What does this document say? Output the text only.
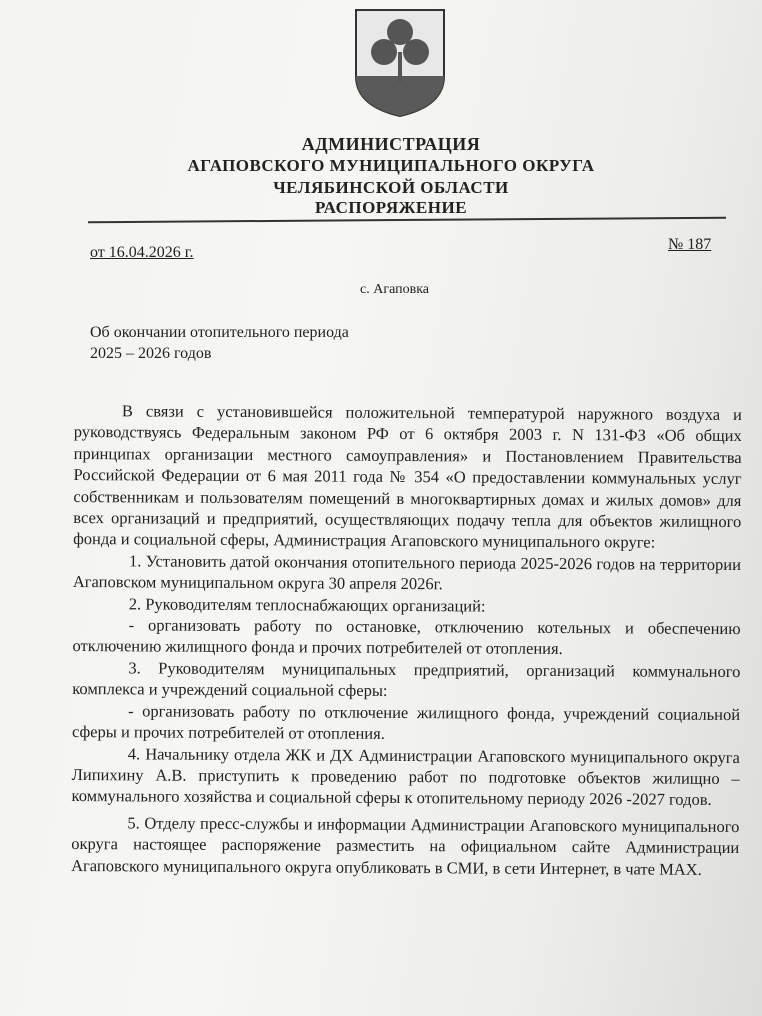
АДМИНИСТРАЦИЯ
АГАПОВСКОГО МУНИЦИПАЛЬНОГО ОКРУГА
ЧЕЛЯБИНСКОЙ ОБЛАСТИ
РАСПОРЯЖЕНИЕ
от 16.04.2026 г.	№ 187
с. Агаповка
Об окончании отопительного периода
2025 – 2026 годов

В связи с установившейся положительной температурой наружного воздуха и руководствуясь Федеральным законом РФ от 6 октября 2003 г. N 131-ФЗ «Об общих принципах организации местного самоуправления» и Постановлением Правительства Российской Федерации от 6 мая 2011 года № 354 «О предоставлении коммунальных услуг собственникам и пользователям помещений в многоквартирных домах и жилых домов» для всех организаций и предприятий, осуществляющих подачу тепла для объектов жилищного фонда и социальной сферы, Администрация Агаповского муниципального округе:

1. Установить датой окончания отопительного периода 2025-2026 годов на территории Агаповском муниципальном округа 30 апреля 2026г.

2. Руководителям теплоснабжающих организаций:

- организовать работу по остановке, отключению котельных и обеспечению отключению жилищного фонда и прочих потребителей от отопления.

3. Руководителям муниципальных предприятий, организаций коммунального комплекса и учреждений социальной сферы:

- организовать работу по отключение жилищного фонда, учреждений социальной сферы и прочих потребителей от отопления.

4. Начальнику отдела ЖК и ДХ Администрации Агаповского муниципального округа Липихину А.В. приступить к проведению работ по подготовке объектов жилищно – коммунального хозяйства и социальной сферы к отопительному периоду 2026 -2027 годов.

5. Отделу пресс-службы и информации Администрации Агаповского муниципального округа настоящее распоряжение разместить на официальном сайте Администрации Агаповского муниципального округа опубликовать в СМИ, в сети Интернет, в чате MAX.
